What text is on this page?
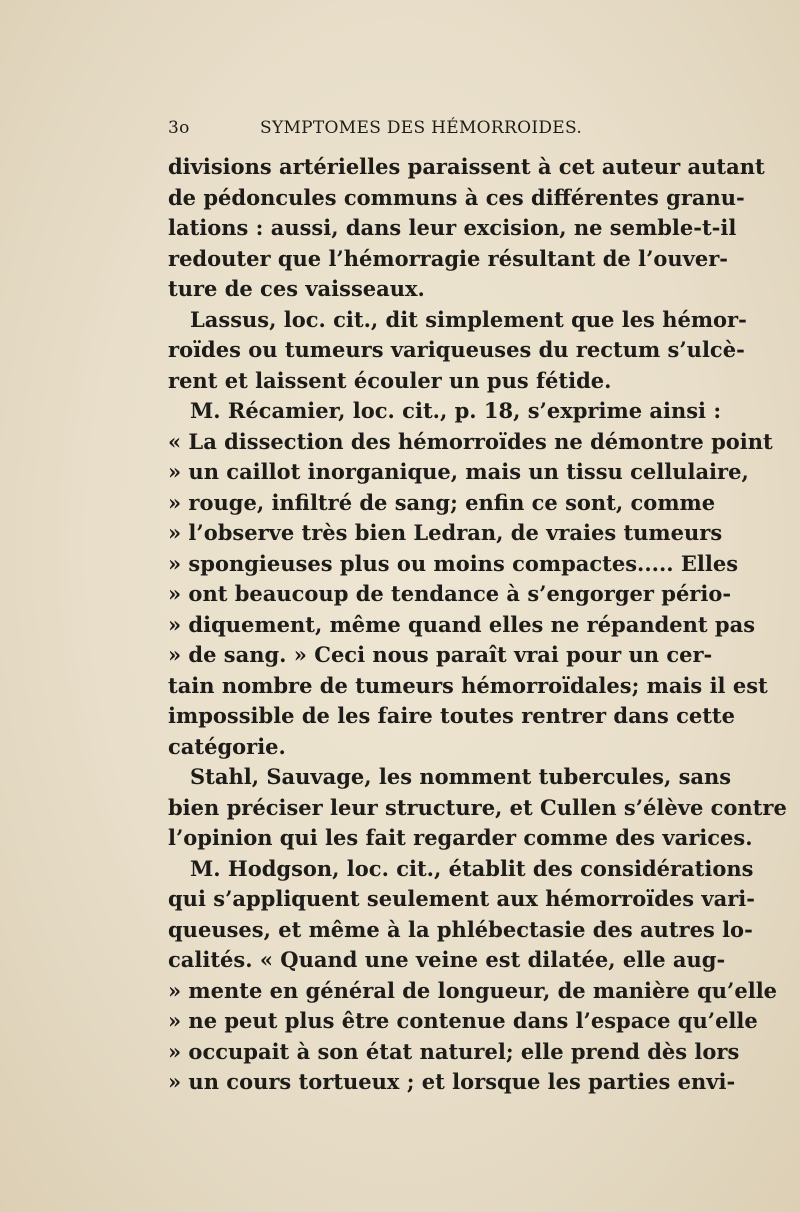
3o	SYMPTOMES DES HÉMORROIDES.
divisions artérielles paraissent à cet auteur autant
de pédoncules communs à ces différentes granu-
lations : aussi, dans leur excision, ne semble-t-il
redouter que l’hémorragie résultant de l’ouver-
ture de ces vaisseaux.
Lassus, loc. cit., dit simplement que les hémor-
roïdes ou tumeurs variqueuses du rectum s’ulcè-
rent et laissent écouler un pus fétide.
M. Récamier, loc. cit., p. 18, s’exprime ainsi :
« La dissection des hémorroïdes ne démontre point
» un caillot inorganique, mais un tissu cellulaire,
» rouge, infiltré de sang; enfin ce sont, comme
» l’observe très bien Ledran, de vraies tumeurs
» spongieuses plus ou moins compactes..... Elles
» ont beaucoup de tendance à s’engorger pério-
» diquement, même quand elles ne répandent pas
» de sang. » Ceci nous paraît vrai pour un cer-
tain nombre de tumeurs hémorroïdales; mais il est
impossible de les faire toutes rentrer dans cette
catégorie.
Stahl, Sauvage, les nomment tubercules, sans
bien préciser leur structure, et Cullen s’élève contre
l’opinion qui les fait regarder comme des varices.
M. Hodgson, loc. cit., établit des considérations
qui s’appliquent seulement aux hémorroïdes vari-
queuses, et même à la phlébectasie des autres lo-
calités. « Quand une veine est dilatée, elle aug-
» mente en général de longueur, de manière qu’elle
» ne peut plus être contenue dans l’espace qu’elle
» occupait à son état naturel; elle prend dès lors
» un cours tortueux ; et lorsque les parties envi-
